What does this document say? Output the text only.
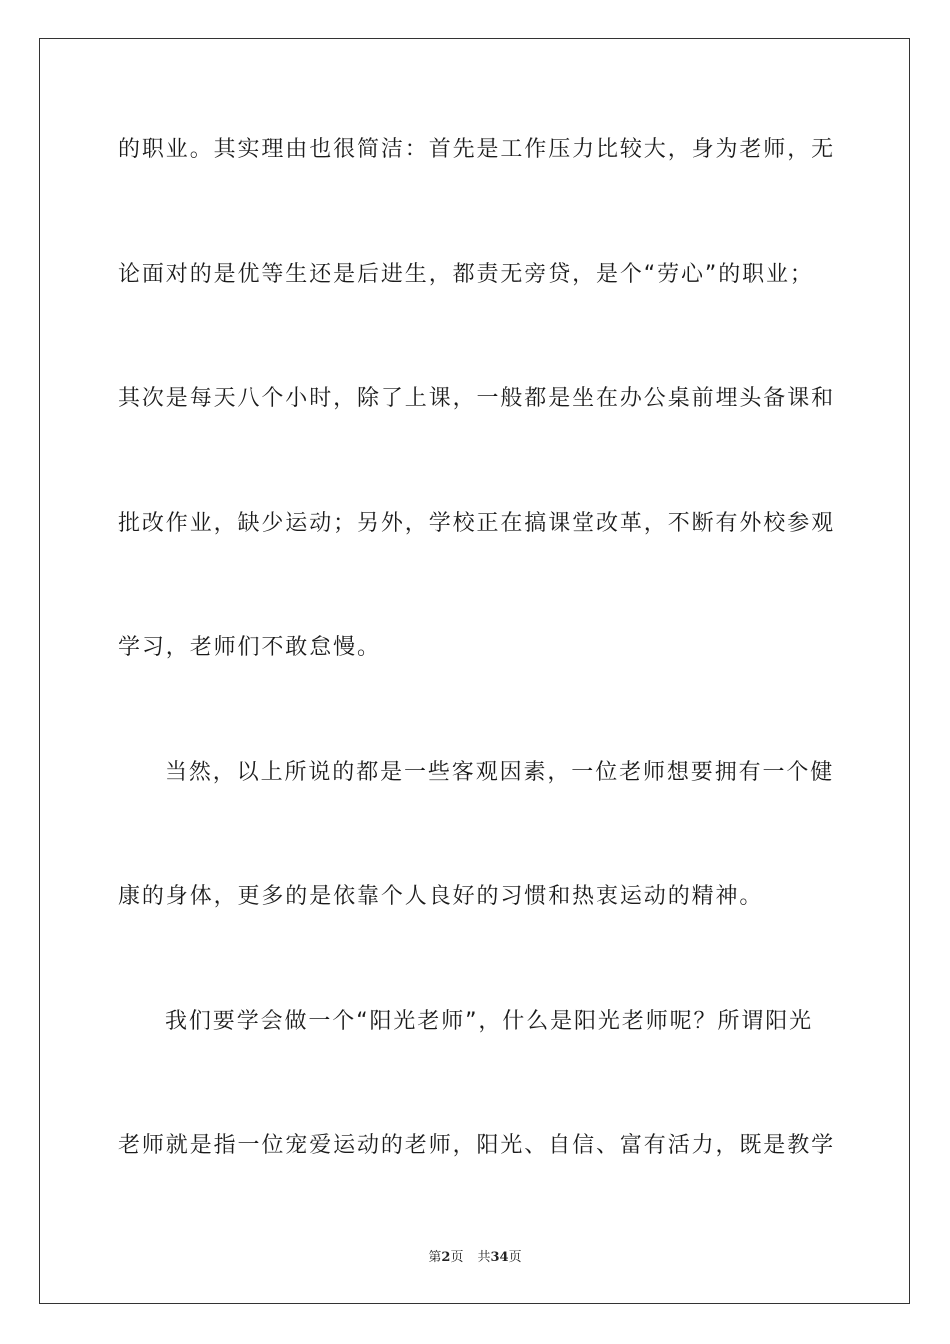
的职业。其实理由也很简洁：首先是工作压力比较大，身为老师，无
论面对的是优等生还是后进生，都责无旁贷，是个“劳心”的职业；
其次是每天八个小时，除了上课，一般都是坐在办公桌前埋头备课和
批改作业，缺少运动；另外，学校正在搞课堂改革，不断有外校参观
学习，老师们不敢怠慢。
当然，以上所说的都是一些客观因素，一位老师想要拥有一个健
康的身体，更多的是依靠个人良好的习惯和热衷运动的精神。
我们要学会做一个“阳光老师”，什么是阳光老师呢？所谓阳光
老师就是指一位宠爱运动的老师，阳光、自信、富有活力，既是教学
第2页 共34页
